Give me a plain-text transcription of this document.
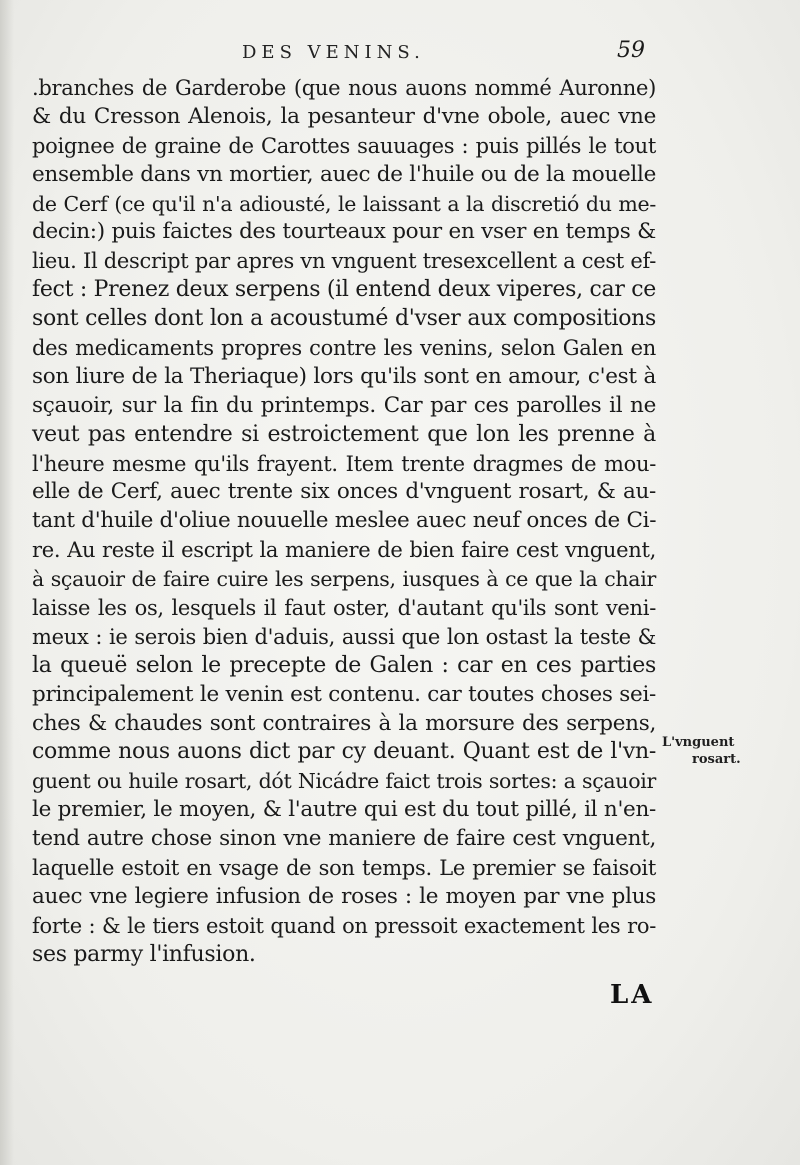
DES VENINS.	59
.branches de Garderobe (que nous auons nommé Auronne)
& du Cresson Alenois, la pesanteur d'vne obole, auec vne
poignee de graine de Carottes sauuages : puis pillés le tout
ensemble dans vn mortier, auec de l'huile ou de la mouelle
de Cerf (ce qu'il n'a adiousté, le laissant a la discretió du me-
decin:) puis faictes des tourteaux pour en vser en temps &
lieu. Il descript par apres vn vnguent tresexcellent a cest ef-
fect : Prenez deux serpens (il entend deux viperes, car ce
sont celles dont lon a acoustumé d'vser aux compositions
des medicaments propres contre les venins, selon Galen en
son liure de la Theriaque) lors qu'ils sont en amour, c'est à
sçauoir, sur la fin du printemps. Car par ces parolles il ne
veut pas entendre si estroictement que lon les prenne à
l'heure mesme qu'ils frayent. Item trente dragmes de mou-
elle de Cerf, auec trente six onces d'vnguent rosart, & au-
tant d'huile d'oliue nouuelle meslee auec neuf onces de Ci-
re. Au reste il escript la maniere de bien faire cest vnguent,
à sçauoir de faire cuire les serpens, iusques à ce que la chair
laisse les os, lesquels il faut oster, d'autant qu'ils sont veni-
meux : ie serois bien d'aduis, aussi que lon ostast la teste &
la queuë selon le precepte de Galen : car en ces parties
principalement le venin est contenu. car toutes choses sei-
ches & chaudes sont contraires à la morsure des serpens,
comme nous auons dict par cy deuant. Quant est de l'vn-
guent ou huile rosart, dót Nicádre faict trois sortes: a sçauoir
le premier, le moyen, & l'autre qui est du tout pillé, il n'en-
tend autre chose sinon vne maniere de faire cest vnguent,
laquelle estoit en vsage de son temps. Le premier se faisoit
auec vne legiere infusion de roses : le moyen par vne plus
forte : & le tiers estoit quand on pressoit exactement les ro-
ses parmy l'infusion.
L'vnguent
rosart.
LA
